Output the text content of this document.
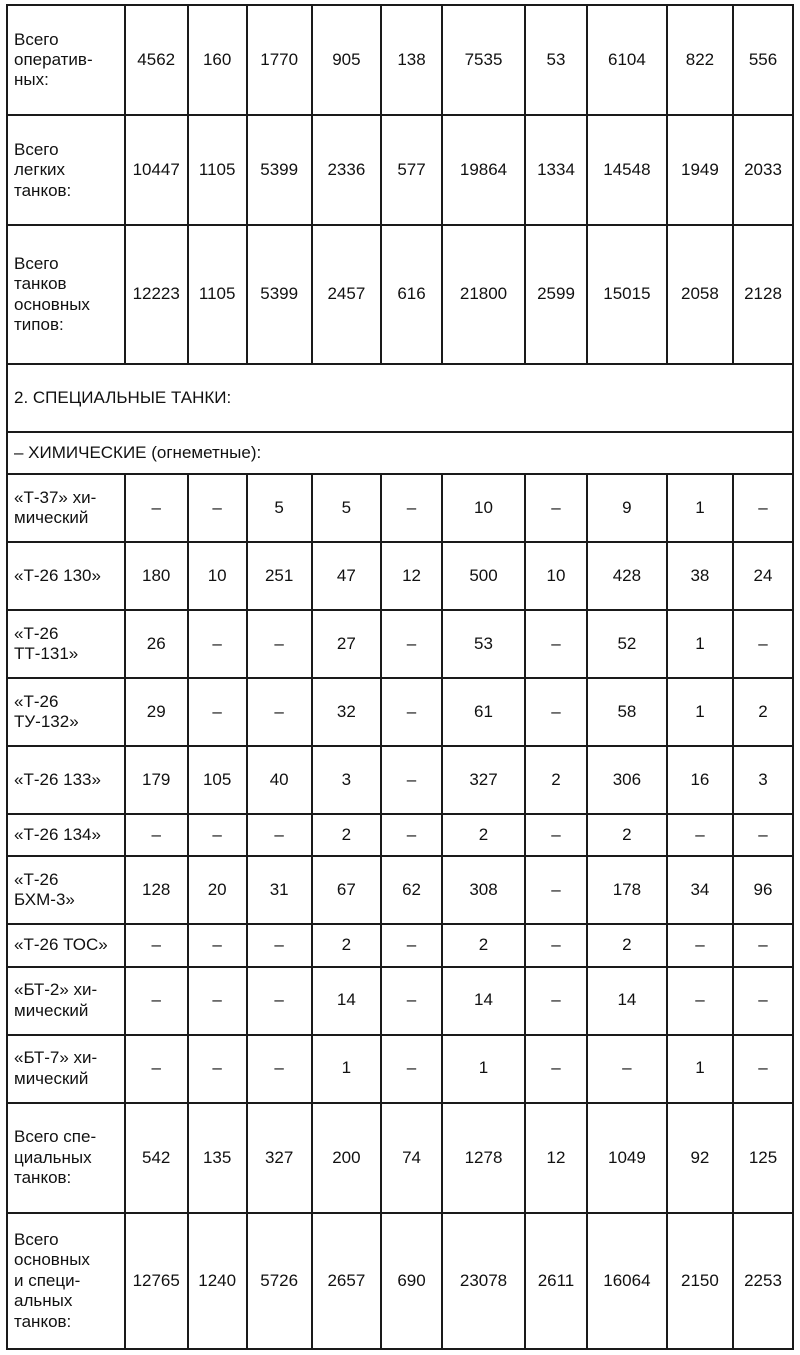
Всего
оператив-
ных:	4562	160	1770	905	138	7535	53	6104	822	556
Всего
легких
танков:	10447	1105	5399	2336	577	19864	1334	14548	1949	2033
Всего
танков
основных
типов:	12223	1105	5399	2457	616	21800	2599	15015	2058	2128
2. СПЕЦИАЛЬНЫЕ ТАНКИ:										
– ХИМИЧЕСКИЕ (огнеметные):										
«Т-37» хи-
мический	–	–	5	5	–	10	–	9	1	–
«Т-26 130»	180	10	251	47	12	500	10	428	38	24
«Т-26
ТТ-131»	26	–	–	27	–	53	–	52	1	–
«Т-26
ТУ-132»	29	–	–	32	–	61	–	58	1	2
«Т-26 133»	179	105	40	3	–	327	2	306	16	3
«Т-26 134»	–	–	–	2	–	2	–	2	–	–
«Т-26 БХМ-3»	128	20	31	67	62	308	–	178	34	96
«Т-26 ТОС»	–	–	–	2	–	2	–	2	–	–
«БТ-2» хи-
мический	–	–	–	14	–	14	–	14	–	–
«БТ-7» хи-
мический	–	–	–	1	–	1	–	–	1	–
Всего спе-
циальных
танков:	542	135	327	200	74	1278	12	1049	92	125
Всего
основных
и специ-
альных
танков:	12765	1240	5726	2657	690	23078	2611	16064	2150	2253
